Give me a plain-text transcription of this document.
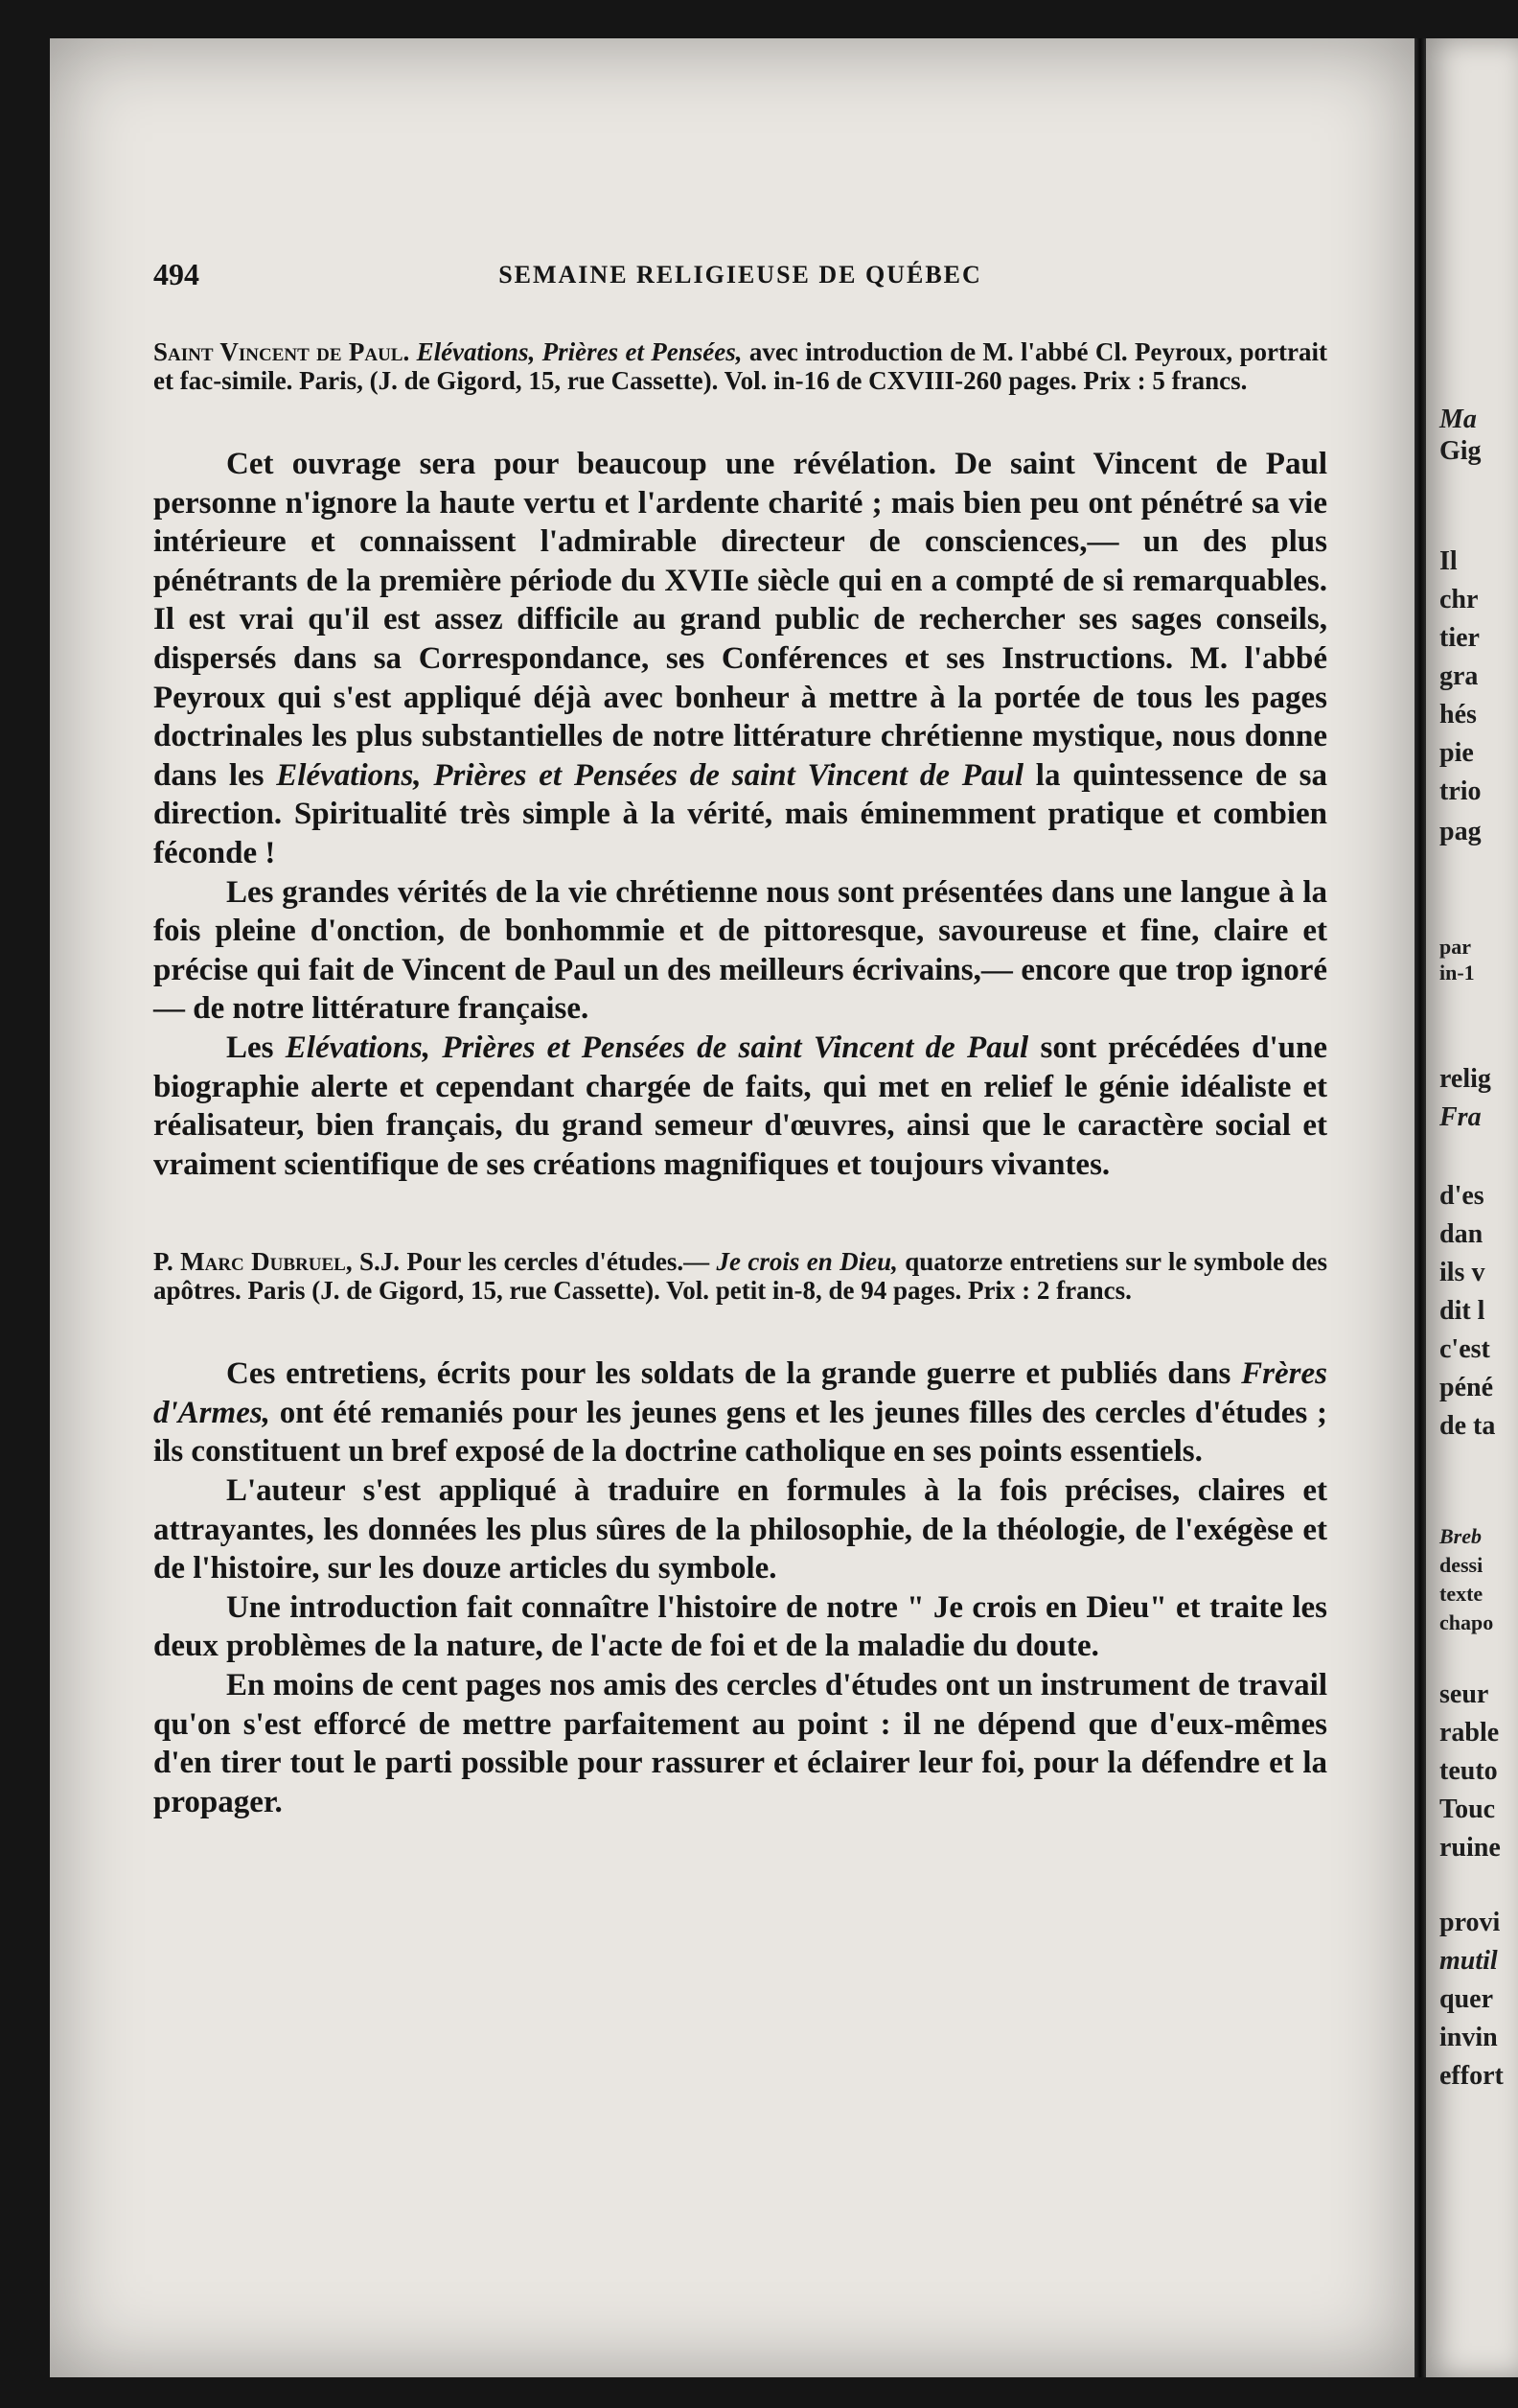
Ma
Gig
Il
chr
tier
gra
hés
pie
trio
pag
par
in-1
relig
Fra
d'es
dan
ils v
dit l
c'est
péné
de ta
Breb
dessi
texte
chapo
seur
rable
teuto
Touc
ruine
provi
mutil
quer
invin
effort
494	SEMAINE RELIGIEUSE DE QUÉBEC
Saint Vincent de Paul. Elévations, Prières et Pensées, avec introduction de M. l'abbé Cl. Peyroux, portrait et fac-simile. Paris, (J. de Gigord, 15, rue Cassette). Vol. in-16 de CXVIII-260 pages. Prix : 5 francs.

Cet ouvrage sera pour beaucoup une révélation. De saint Vincent de Paul personne n'ignore la haute vertu et l'ardente charité ; mais bien peu ont pénétré sa vie intérieure et connaissent l'admirable directeur de consciences,— un des plus pénétrants de la première période du XVIIe siècle qui en a compté de si remarquables. Il est vrai qu'il est assez difficile au grand public de rechercher ses sages conseils, dispersés dans sa Correspondance, ses Conférences et ses Instructions. M. l'abbé Peyroux qui s'est appliqué déjà avec bonheur à mettre à la portée de tous les pages doctrinales les plus substantielles de notre littérature chrétienne mystique, nous donne dans les Elévations, Prières et Pensées de saint Vincent de Paul la quintessence de sa direction. Spiritualité très simple à la vérité, mais éminemment pratique et combien féconde !

Les grandes vérités de la vie chrétienne nous sont présentées dans une langue à la fois pleine d'onction, de bonhommie et de pittoresque, savoureuse et fine, claire et précise qui fait de Vincent de Paul un des meilleurs écrivains,— encore que trop ignoré — de notre littérature française.

Les Elévations, Prières et Pensées de saint Vincent de Paul sont précédées d'une biographie alerte et cependant chargée de faits, qui met en relief le génie idéaliste et réalisateur, bien français, du grand semeur d'œuvres, ainsi que le caractère social et vraiment scientifique de ses créations magnifiques et toujours vivantes.

P. Marc Dubruel, S.J. Pour les cercles d'études.— Je crois en Dieu, quatorze entretiens sur le symbole des apôtres. Paris (J. de Gigord, 15, rue Cassette). Vol. petit in-8, de 94 pages. Prix : 2 francs.

Ces entretiens, écrits pour les soldats de la grande guerre et publiés dans Frères d'Armes, ont été remaniés pour les jeunes gens et les jeunes filles des cercles d'études ; ils constituent un bref exposé de la doctrine catholique en ses points essentiels.

L'auteur s'est appliqué à traduire en formules à la fois précises, claires et attrayantes, les données les plus sûres de la philosophie, de la théologie, de l'exégèse et de l'histoire, sur les douze articles du symbole.

Une introduction fait connaître l'histoire de notre " Je crois en Dieu" et traite les deux problèmes de la nature, de l'acte de foi et de la maladie du doute.

En moins de cent pages nos amis des cercles d'études ont un instrument de travail qu'on s'est efforcé de mettre parfaitement au point : il ne dépend que d'eux-mêmes d'en tirer tout le parti possible pour rassurer et éclairer leur foi, pour la défendre et la propager.
